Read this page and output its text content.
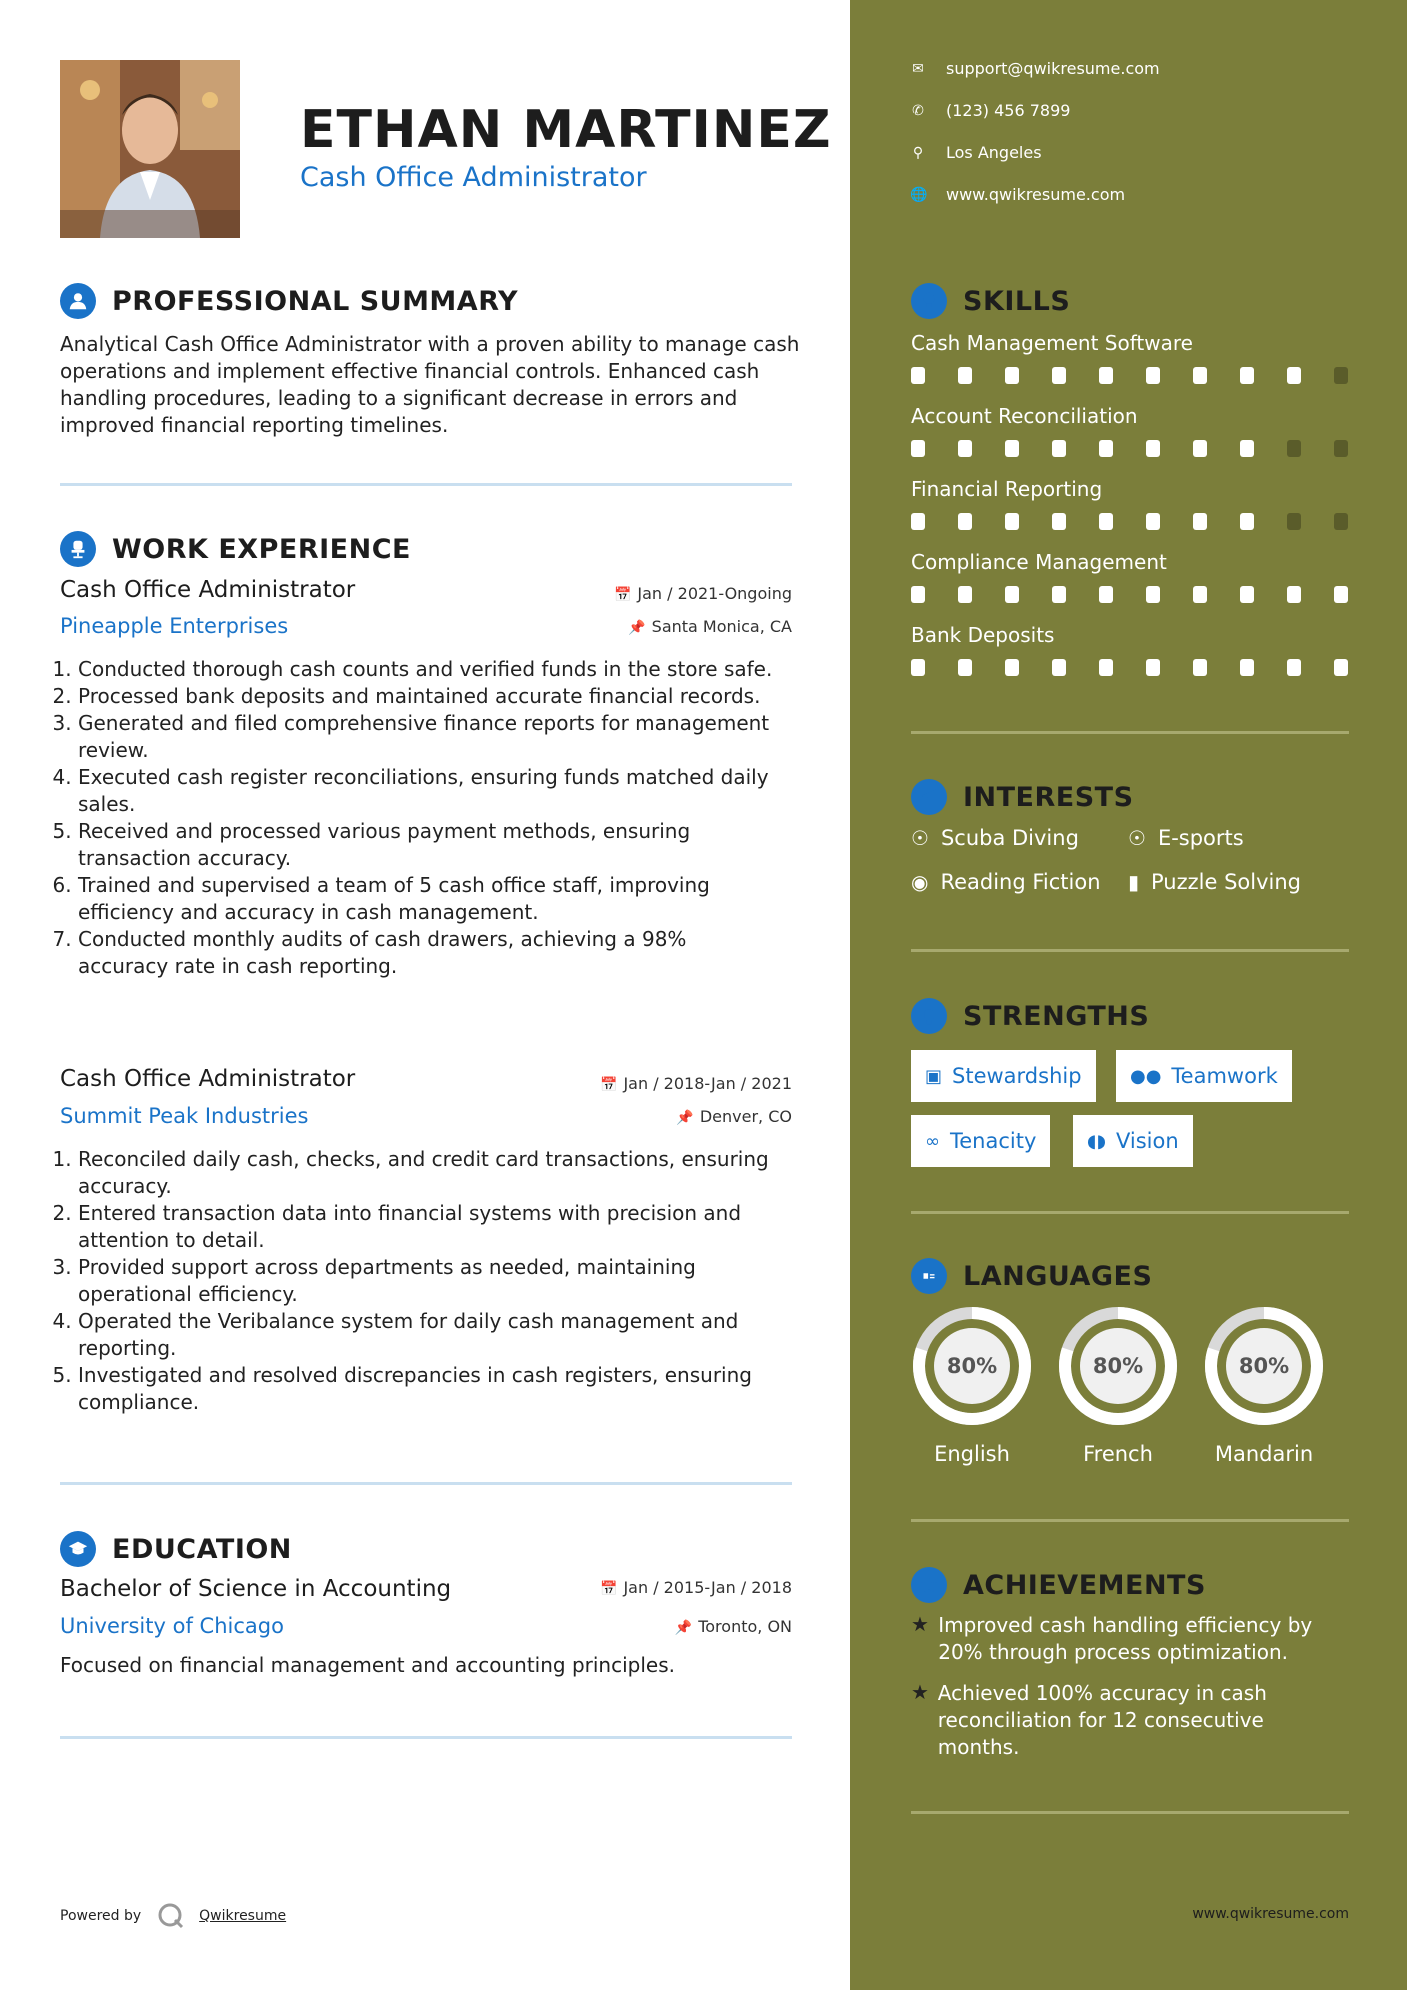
ETHAN MARTINEZ
Cash Office Administrator
PROFESSIONAL SUMMARY
Analytical Cash Office Administrator with a proven ability to manage cash operations and implement effective financial controls. Enhanced cash handling procedures, leading to a significant decrease in errors and improved financial reporting timelines.
WORK EXPERIENCE
Cash Office Administrator	📅 Jan / 2021-Ongoing
Pineapple Enterprises	📌 Santa Monica, CA
1. Conducted thorough cash counts and verified funds in the store safe.
2. Processed bank deposits and maintained accurate financial records.
3. Generated and filed comprehensive finance reports for management review.
4. Executed cash register reconciliations, ensuring funds matched daily sales.
5. Received and processed various payment methods, ensuring transaction accuracy.
6. Trained and supervised a team of 5 cash office staff, improving efficiency and accuracy in cash management.
7. Conducted monthly audits of cash drawers, achieving a 98% accuracy rate in cash reporting.
Cash Office Administrator	📅 Jan / 2018-Jan / 2021
Summit Peak Industries	📌 Denver, CO
1. Reconciled daily cash, checks, and credit card transactions, ensuring accuracy.
2. Entered transaction data into financial systems with precision and attention to detail.
3. Provided support across departments as needed, maintaining operational efficiency.
4. Operated the Veribalance system for daily cash management and reporting.
5. Investigated and resolved discrepancies in cash registers, ensuring compliance.
EDUCATION
Bachelor of Science in Accounting	📅 Jan / 2015-Jan / 2018
University of Chicago	📌 Toronto, ON
Focused on financial management and accounting principles.
Powered by	Qwikresume
✉ support@qwikresume.com
✆ (123) 456 7899
⚲ Los Angeles
🌐 www.qwikresume.com
SKILLS
Cash Management Software
Account Reconciliation
Financial Reporting
Compliance Management
Bank Deposits
INTERESTS
☉ Scuba Diving ☉ E-sports
◉ Reading Fiction ▮ Puzzle Solving
STRENGTHS
▣ Stewardship	●● Teamwork
∞ Tenacity	◖◗ Vision
LANGUAGES
80%
English
80%
French
80%
Mandarin
ACHIEVEMENTS
★ Improved cash handling efficiency by 20% through process optimization.
★ Achieved 100% accuracy in cash reconciliation for 12 consecutive months.
www.qwikresume.com
